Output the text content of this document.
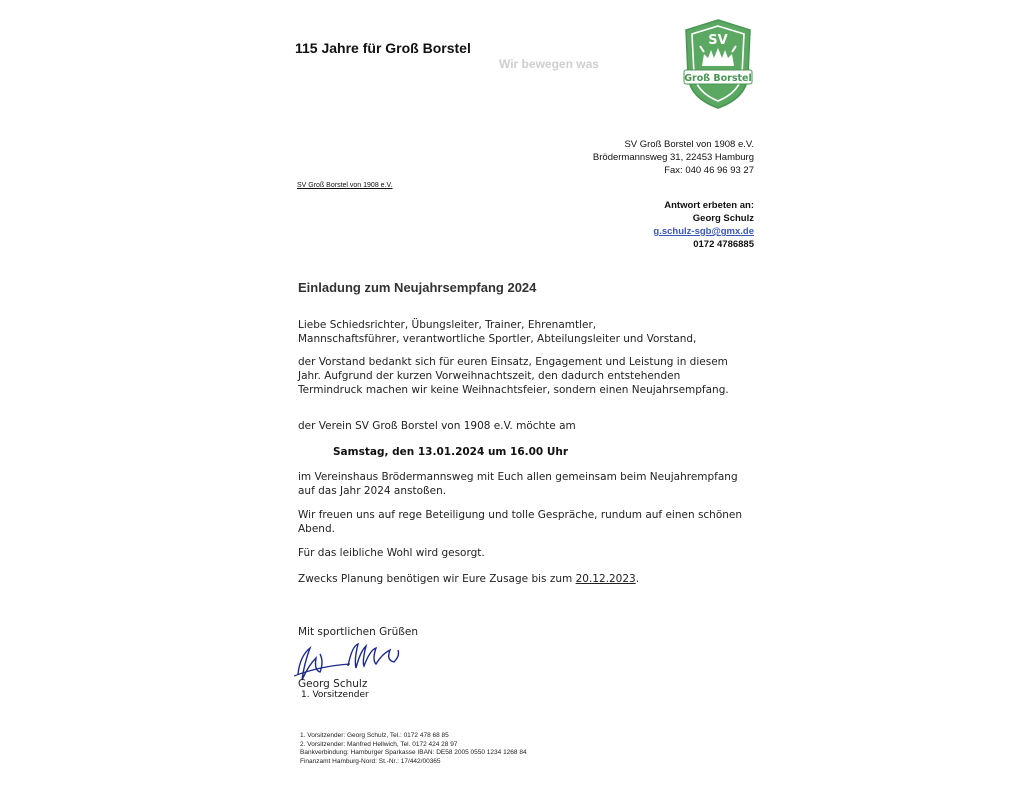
115 Jahre für Groß Borstel
Wir bewegen was
SV
Groß Borstel
SV Groß Borstel von 1908 e.V.
Brödermannsweg 31, 22453 Hamburg
Fax: 040 46 96 93 27
SV Groß Borstel von 1908 e.V.
Antwort erbeten an:
Georg Schulz
g.schulz-sgb@gmx.de
0172 4786885
Einladung zum Neujahrsempfang 2024
Liebe Schiedsrichter, Übungsleiter, Trainer, Ehrenamtler,
Mannschaftsführer, verantwortliche Sportler, Abteilungsleiter und Vorstand,
der Vorstand bedankt sich für euren Einsatz, Engagement und Leistung in diesem
Jahr. Aufgrund der kurzen Vorweihnachtszeit, den dadurch entstehenden
Termindruck machen wir keine Weihnachtsfeier, sondern einen Neujahrsempfang.
der Verein SV Groß Borstel von 1908 e.V. möchte am
Samstag, den 13.01.2024 um 16.00 Uhr
im Vereinshaus Brödermannsweg mit Euch allen gemeinsam beim Neujahrempfang
auf das Jahr 2024 anstoßen.
Wir freuen uns auf rege Beteiligung und tolle Gespräche, rundum auf einen schönen
Abend.
Für das leibliche Wohl wird gesorgt.
Zwecks Planung benötigen wir Eure Zusage bis zum 20.12.2023.
Mit sportlichen Grüßen
Georg Schulz
1. Vorsitzender
1. Vorsitzender: Georg Schulz, Tel.: 0172 478 68 85
2. Vorsitzender: Manfred Hellwich, Tel. 0172 424 28 97
Bankverbindung: Hamburger Sparkasse IBAN: DE58 2005 0550 1234 1268 84
Finanzamt Hamburg-Nord: St.-Nr.: 17/442/00365
